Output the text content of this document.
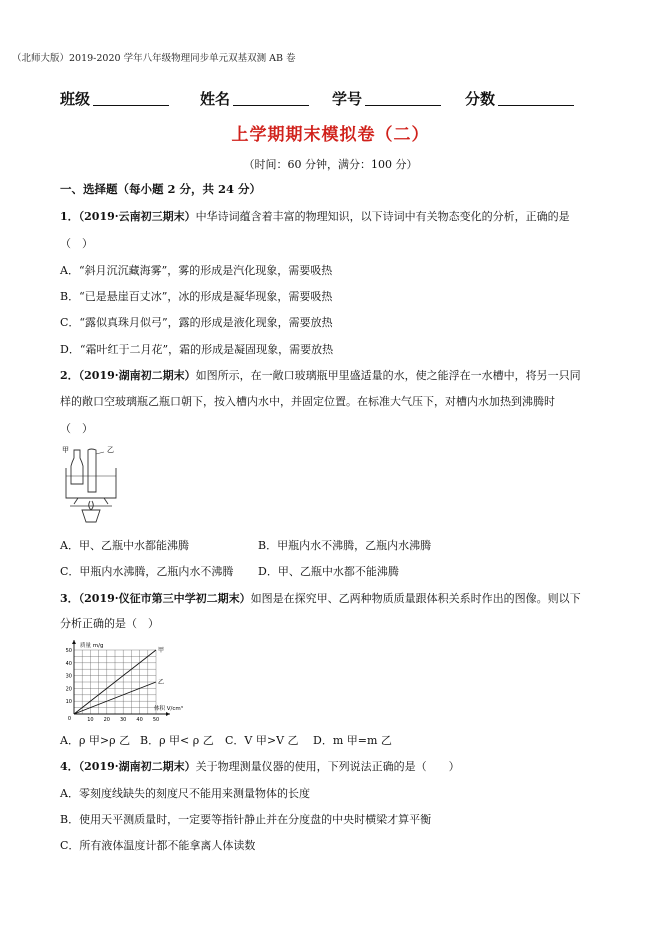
（北师大版）2019-2020 学年八年级物理同步单元双基双测 AB 卷
班级	姓名	学号	分数
上学期期末模拟卷（二）
（时间：60 分钟，满分：100 分）
一、选择题（每小题 2 分，共 24 分）
1．（2019·云南初三期末）中华诗词蕴含着丰富的物理知识，以下诗词中有关物态变化的分析，正确的是
（　）
A．“斜月沉沉藏海雾”，雾的形成是汽化现象，需要吸热
B．“已是悬崖百丈冰”，冰的形成是凝华现象，需要吸热
C．“露似真珠月似弓”，露的形成是液化现象，需要放热
D．“霜叶红于二月花”，霜的形成是凝固现象，需要放热
2．（2019·湖南初二期末）如图所示，在一敞口玻璃瓶甲里盛适量的水，使之能浮在一水槽中，将另一只同
样的敞口空玻璃瓶乙瓶口朝下，按入槽内水中，并固定位置。在标准大气压下，对槽内水加热到沸腾时
（　）
甲	乙
A．甲、乙瓶中水都能沸腾	B．甲瓶内水不沸腾，乙瓶内水沸腾
C．甲瓶内水沸腾，乙瓶内水不沸腾 D．甲、乙瓶中水都不能沸腾
3．（2019·仪征市第三中学初二期末）如图是在探究甲、乙两种物质质量跟体积关系时作出的图像。则以下
分析正确的是（　）
10 20 30 40 50
10
20
30
40
50
0
质量 m/g
体积 V/cm³
甲
乙
A．ρ 甲>ρ 乙 B．ρ 甲< ρ 乙 C．V 甲>V 乙 D．m 甲=m 乙
4．（2019·湖南初二期末）关于物理测量仪器的使用，下列说法正确的是（　　）
A．零刻度线缺失的刻度尺不能用来测量物体的长度
B．使用天平测质量时，一定要等指针静止并在分度盘的中央时横梁才算平衡
C．所有液体温度计都不能拿离人体读数
